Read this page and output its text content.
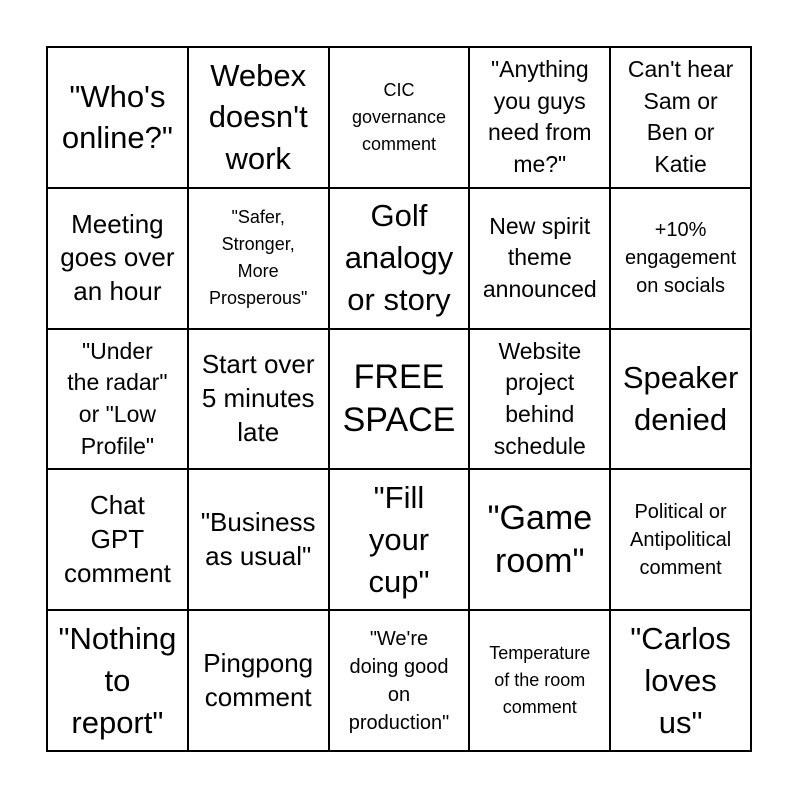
"Who's
online?"
Webex
doesn't
work
CIC
governance
comment
"Anything
you guys
need from
me?"
Can't hear
Sam or
Ben or
Katie
Meeting
goes over
an hour
"Safer,
Stronger,
More
Prosperous"
Golf
analogy
or story
New spirit
theme
announced
+10%
engagement
on socials
"Under
the radar"
or "Low
Profile"
Start over
5 minutes
late
FREE
SPACE
Website
project
behind
schedule
Speaker
denied
Chat
GPT
comment
"Business
as usual"
"Fill
your
cup"
"Game
room"
Political or
Antipolitical
comment
"Nothing
to
report"
Pingpong
comment
"We're
doing good
on
production"
Temperature
of the room
comment
"Carlos
loves
us"
